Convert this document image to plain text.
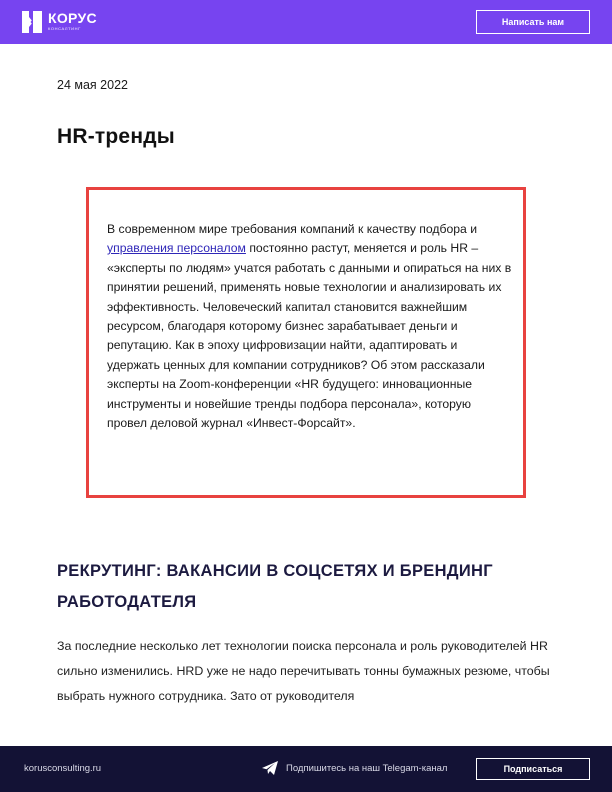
КОРУС
КОНСАЛТИНГ
Написать нам
24 мая 2022
HR-тренды

В современном мире требования компаний к качеству подбора и управления персоналом постоянно растут, меняется и роль HR – «эксперты по людям» учатся работать с данными и опираться на них в принятии решений, применять новые технологии и анализировать их эффективность. Человеческий капитал становится важнейшим ресурсом, благодаря которому бизнес зарабатывает деньги и репутацию. Как в эпоху цифровизации найти, адаптировать и удержать ценных для компании сотрудников? Об этом рассказали эксперты на Zoom-конференции «HR будущего: инновационные инструменты и новейшие тренды подбора персонала», которую провел деловой журнал «Инвест-Форсайт».

РЕКРУТИНГ: ВАКАНСИИ В СОЦСЕТЯХ И БРЕНДИНГ РАБОТОДАТЕЛЯ

За последние несколько лет технологии поиска персонала и роль руководителей HR сильно изменились. HRD уже не надо перечитывать тонны бумажных резюме, чтобы выбрать нужного сотрудника. Зато от руководителя

korusconsulting.ru	Подпишитесь на наш Telegam-канал	Подписаться
